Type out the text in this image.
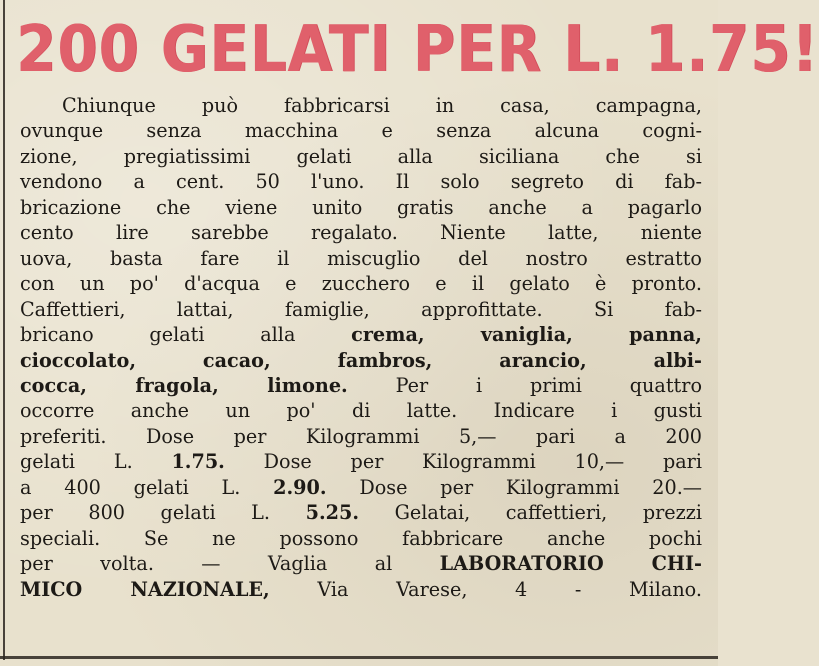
200 GELATI PER L. 1.75!
Chiunque può fabbricarsi in casa, campagna,
ovunque senza macchina e senza alcuna cogni-
zione, pregiatissimi gelati alla siciliana che si
vendono a cent. 50 l'uno. Il solo segreto di fab-
bricazione che viene unito gratis anche a pagarlo
cento lire sarebbe regalato. Niente latte, niente
uova, basta fare il miscuglio del nostro estratto
con un po' d'acqua e zucchero e il gelato è pronto.
Caffettieri, lattai, famiglie, approfittate. Si fab-
bricano gelati alla crema, vaniglia, panna,
cioccolato, cacao, fambros, arancio, albi-
cocca, fragola, limone. Per i primi quattro
occorre anche un po' di latte. Indicare i gusti
preferiti. Dose per Kilogrammi 5,— pari a 200
gelati L. 1.75. Dose per Kilogrammi 10,— pari
a 400 gelati L. 2.90. Dose per Kilogrammi 20.—
per 800 gelati L. 5.25. Gelatai, caffettieri, prezzi
speciali. Se ne possono fabbricare anche pochi
per volta. — Vaglia al LABORATORIO CHI-
MICO NAZIONALE, Via Varese, 4 - Milano.
